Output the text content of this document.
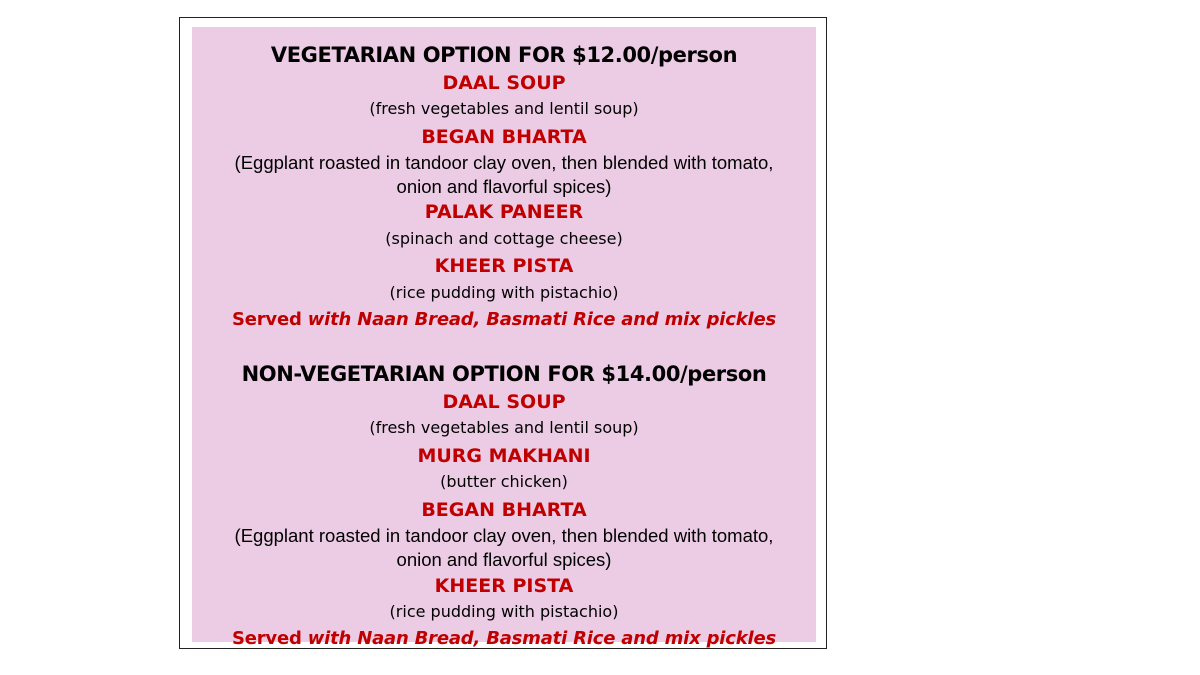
VEGETARIAN OPTION FOR $12.00/person
DAAL SOUP
(fresh vegetables and lentil soup)
BEGAN BHARTA
(Eggplant roasted in tandoor clay oven, then blended with tomato,
onion and flavorful spices)
PALAK PANEER
(spinach and cottage cheese)
KHEER PISTA
(rice pudding with pistachio)
Served with Naan Bread, Basmati Rice and mix pickles
NON-VEGETARIAN OPTION FOR $14.00/person
DAAL SOUP
(fresh vegetables and lentil soup)
MURG MAKHANI
(butter chicken)
BEGAN BHARTA
(Eggplant roasted in tandoor clay oven, then blended with tomato,
onion and flavorful spices)
KHEER PISTA
(rice pudding with pistachio)
Served with Naan Bread, Basmati Rice and mix pickles
